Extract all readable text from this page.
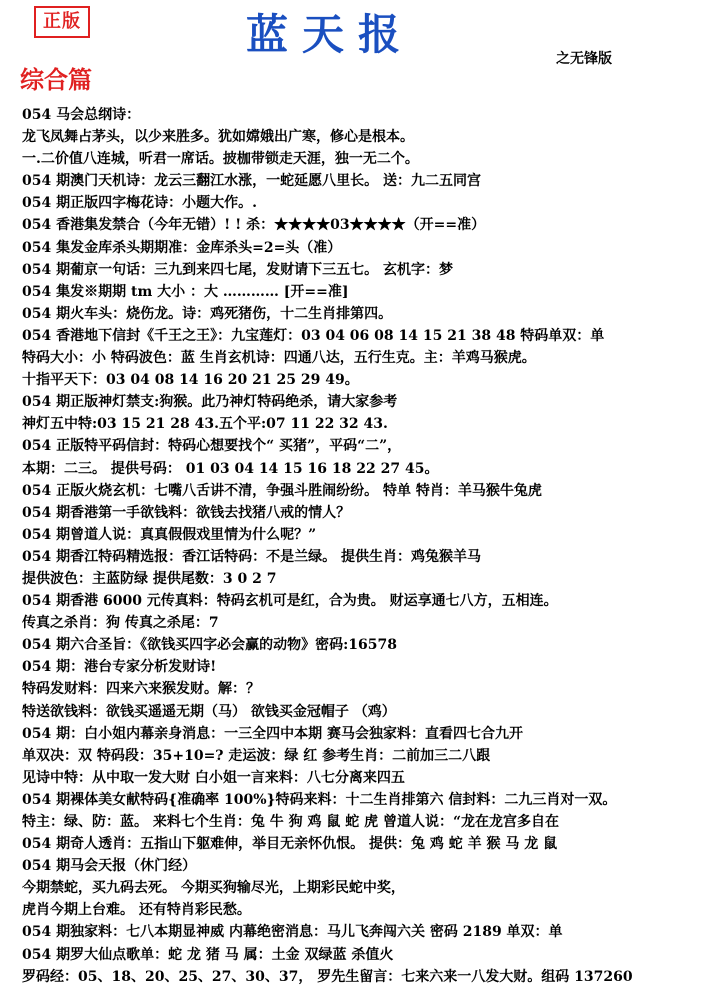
正版	蓝天报	之无锋版
综合篇
054 马会总纲诗：
龙飞凤舞占茅头，以少来胜多。犹如嫦娥出广寒，修心是根本。
一.二价值八连城，听君一席话。披枷带锁走天涯，独一无二个。
054 期澳门天机诗：龙云三翻江水涨，一蛇延愿八里长。 送：九二五同宫
054 期正版四字梅花诗：小题大作。.
054 香港集发禁合（今年无错）! ! 杀：★★★★03★★★★（开==准）
054 集发金库杀头期期准：金库杀头=2=头（准）
054 期葡京一句话：三九到来四七尾，发财请下三五七。 玄机字：梦
054 集发※期期 tm 大小 ：大 ………… [开==准]
054 期火车头：烧伤龙。诗：鸡死猪伤，十二生肖排第四。
054 香港地下信封《千王之王》：九宝莲灯：03 04 06 08 14 15 21 38 48 特码单双：单
特码大小：小 特码波色：蓝 生肖玄机诗：四通八达，五行生克。主：羊鸡马猴虎。
十指平天下：03 04 08 14 16 20 21 25 29 49。
054 期正版神灯禁支:狗猴。此乃神灯特码绝杀，请大家参考
神灯五中特:03 15 21 28 43.五个平:07 11 22 32 43.
054 正版特平码信封：特码心想要找个“ 买猪”，平码“二”，
本期：二三。 提供号码： 01 03 04 14 15 16 18 22 27 45。
054 正版火烧玄机：七嘴八舌讲不清，争强斗胜闹纷纷。 特单 特肖：羊马猴牛兔虎
054 期香港第一手欲钱料：欲钱去找猪八戒的情人？
054 期曾道人说：真真假假戏里情为什么呢？”
054 期香江特码精选报：香江话特码：不是兰绿。 提供生肖：鸡兔猴羊马
提供波色：主蓝防绿 提供尾数：3 0 2 7
054 期香港 6000 元传真料：特码玄机可是红，合为贵。 财运享通七八方，五相连。
传真之杀肖：狗 传真之杀尾：7
054 期六合圣旨：《欲钱买四字必会赢的动物》密码:16578
054 期：港台专家分析发财诗!
特码发财料：四来六来猴发财。解：？
特送欲钱料：欲钱买遥遥无期（马） 欲钱买金冠帽子 （鸡）
054 期：白小姐内幕亲身消息：一三全四中本期 赛马会独家料：直看四七合九开
单双决：双 特码段：35+10=? 走运波：绿 红 参考生肖：二前加三二八跟
见诗中特：从中取一发大财 白小姐一言来料：八七分离来四五
054 期裸体美女献特码{准确率 100%}特码来料：十二生肖排第六 信封料：二九三肖对一双。
特主：绿、防：蓝。 来料七个生肖：兔 牛 狗 鸡 鼠 蛇 虎 曾道人说：“龙在龙宫多自在
054 期奇人透肖：五指山下躯难伸，举目无亲怀仇恨。 提供：兔 鸡 蛇 羊 猴 马 龙 鼠
054 期马会天报（休门经）
今期禁蛇，买九码去死。 今期买狗输尽光，上期彩民蛇中奖，
虎肖今期上台难。 还有特肖彩民愁。
054 期独家料：七八本期显神威 内幕绝密消息：马儿飞奔闯六关 密码 2189 单双：单
054 期罗大仙点歌单：蛇 龙 猪 马 属：土金 双绿蓝 杀值火
罗码经：05、18、20、25、27、30、37， 罗先生留言：七来六来一八发大财。组码 137260
